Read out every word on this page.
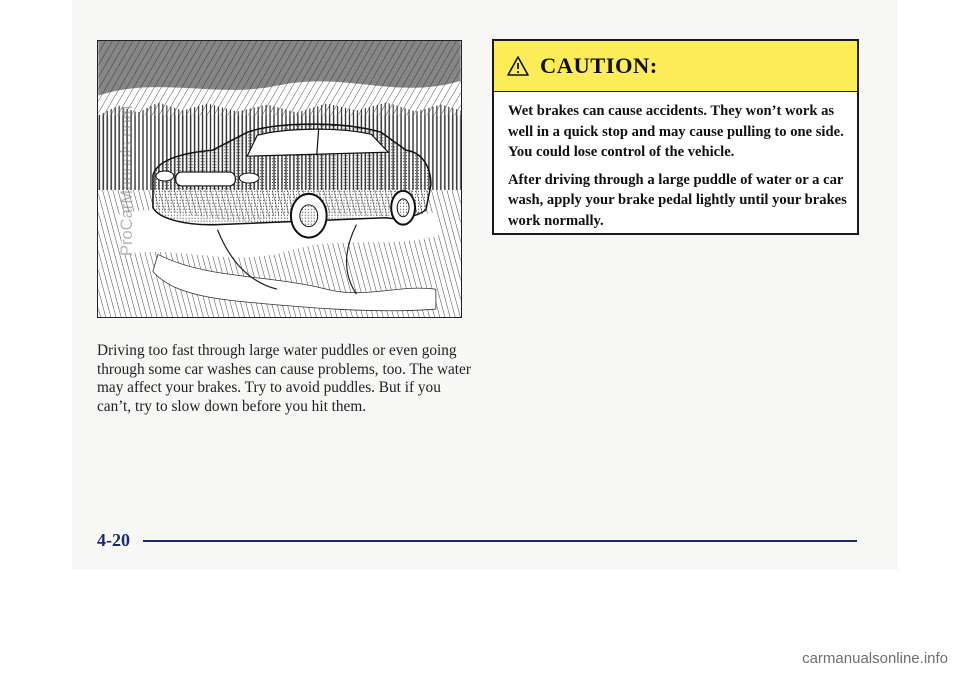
Driving too fast through large water puddles or even going through some car washes can cause problems, too. The water may affect your brakes. Try to avoid puddles. But if you can’t, try to slow down before you hit them.

CAUTION:

Wet brakes can cause accidents. They won’t work as well in a quick stop and may cause pulling to one side. You could lose control of the vehicle.

After driving through a large puddle of water or a car wash, apply your brake pedal lightly until your brakes work normally.

4-20
ProCarManuals.com
carmanualsonline.info
